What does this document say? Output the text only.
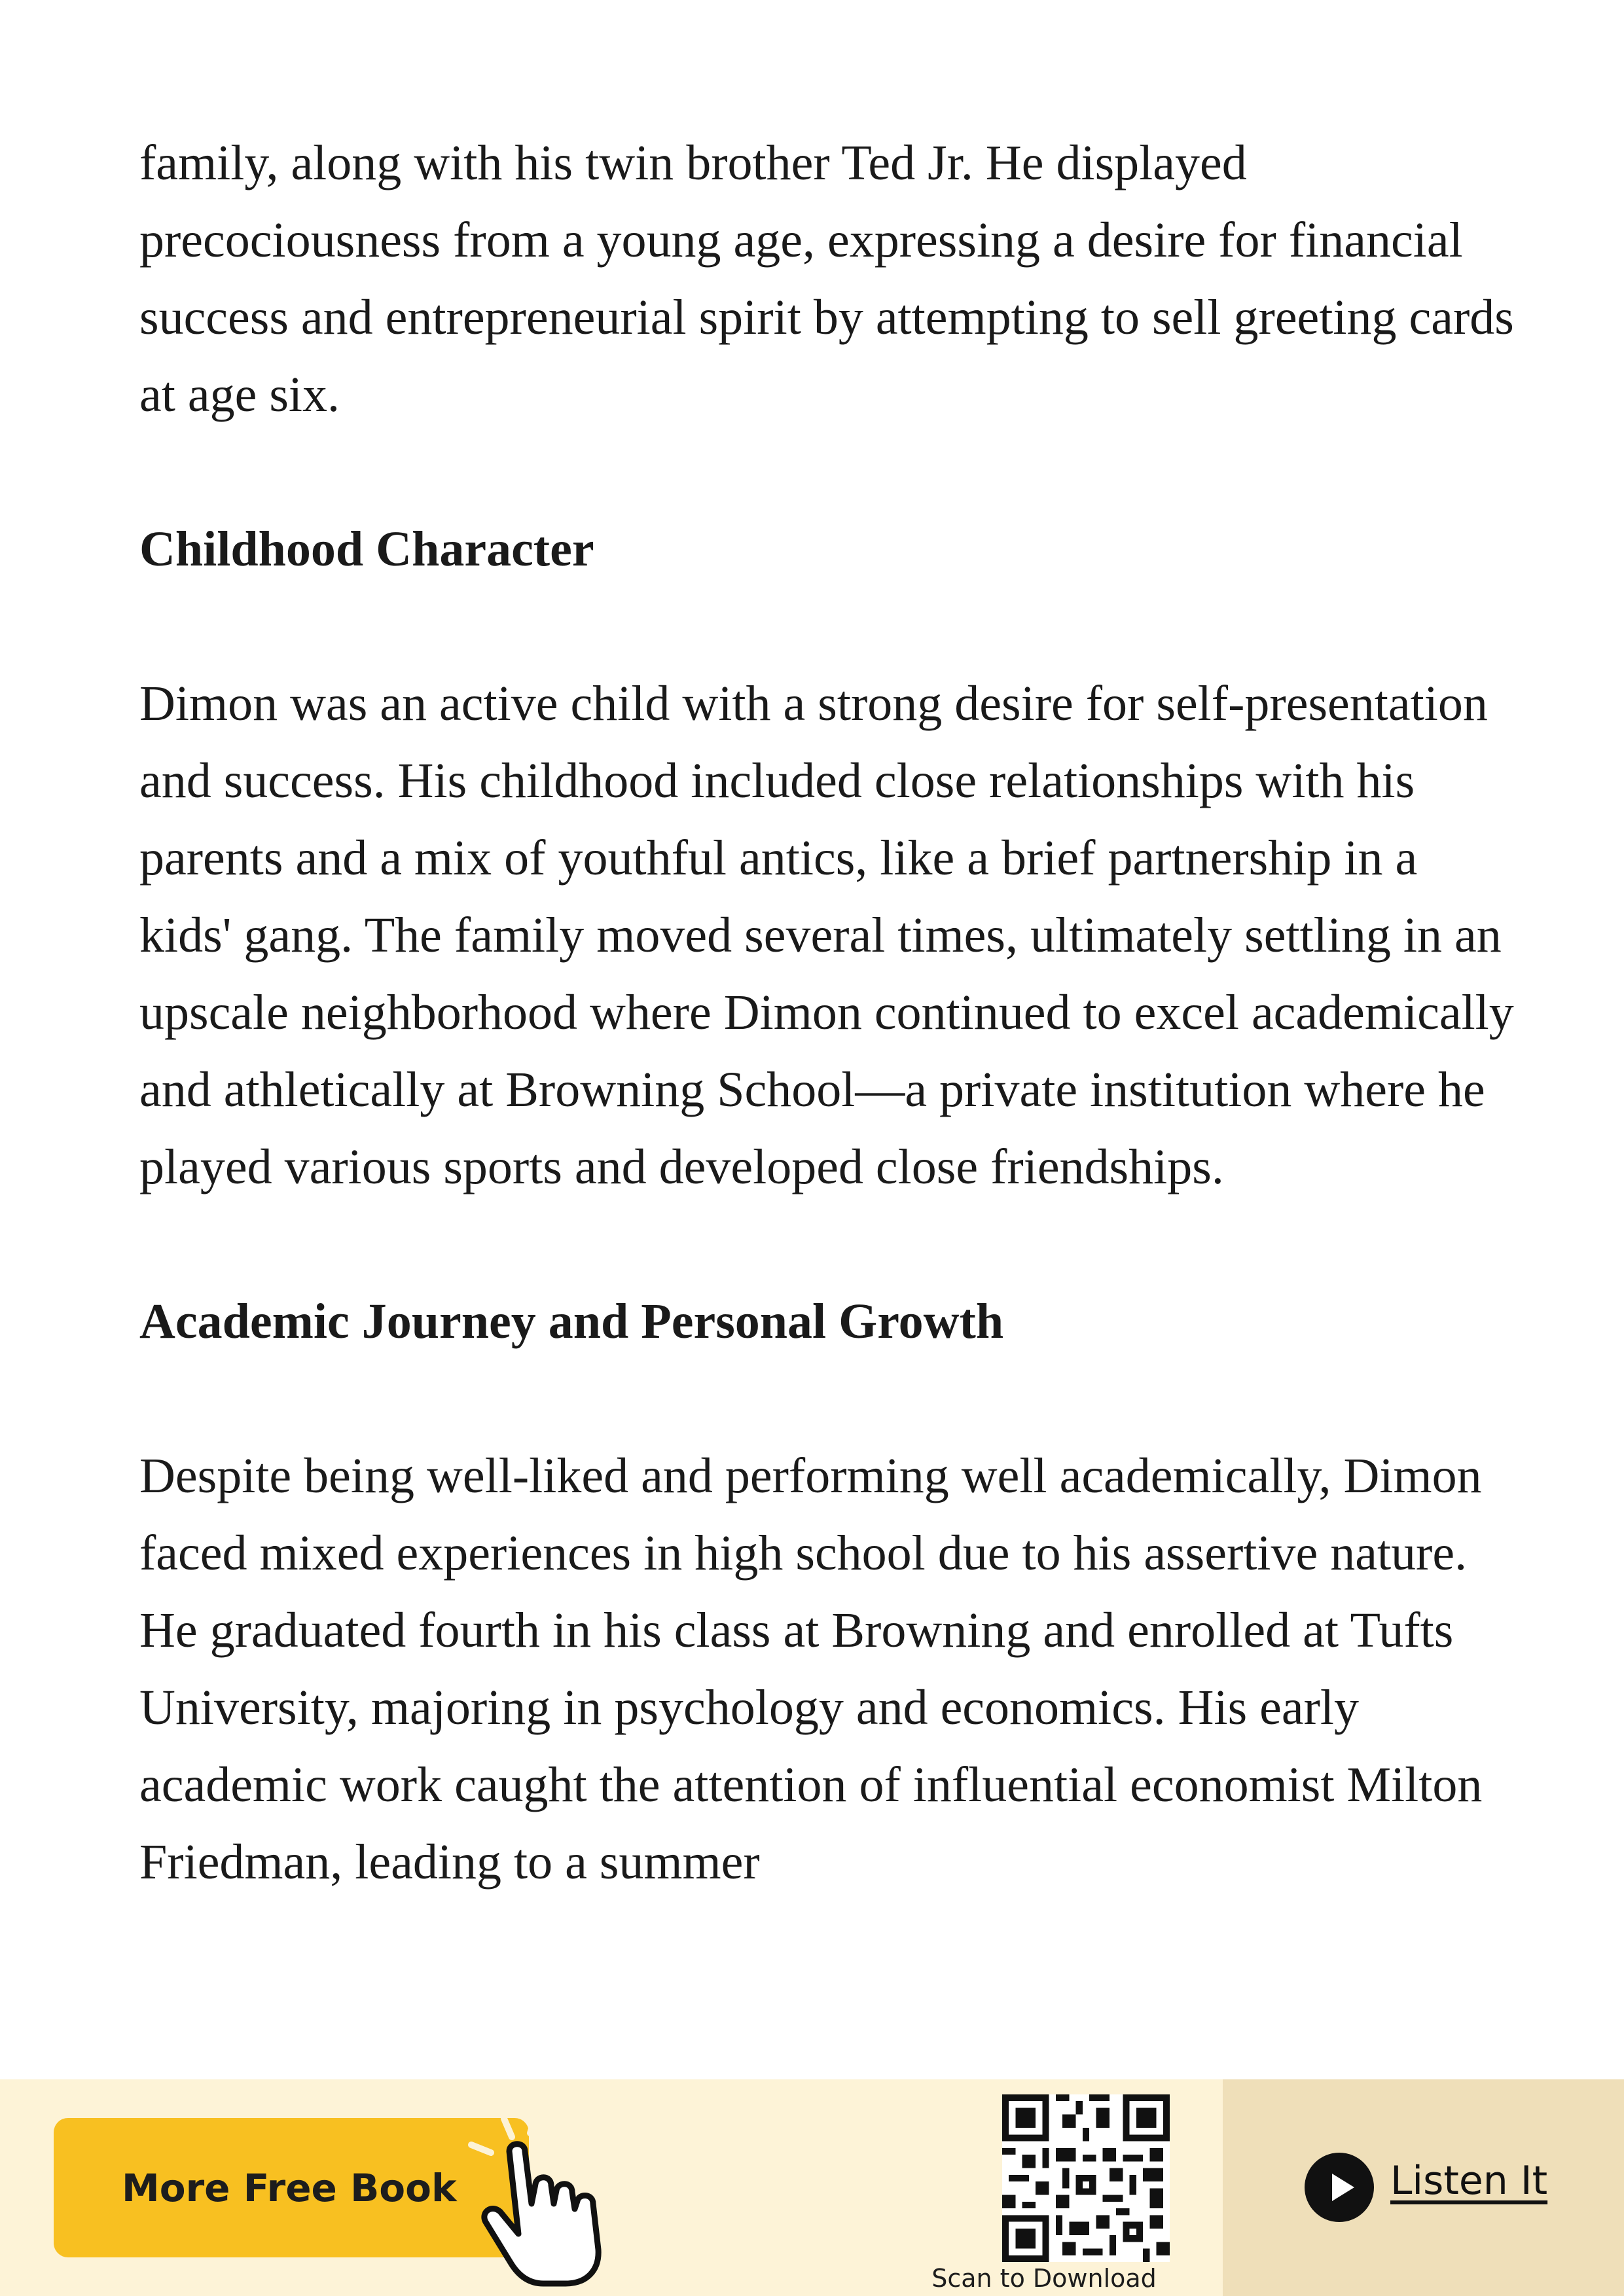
family, along with his twin brother Ted Jr. He displayed precociousness from a young age, expressing a desire for financial success and entrepreneurial spirit by attempting to sell greeting cards at age six.

Childhood Character

Dimon was an active child with a strong desire for self-presentation and success. His childhood included close relationships with his parents and a mix of youthful antics, like a brief partnership in a kids' gang. The family moved several times, ultimately settling in an upscale neighborhood where Dimon continued to excel academically and athletically at Browning School—a private institution where he played various sports and developed close friendships.

Academic Journey and Personal Growth

Despite being well-liked and performing well academically, Dimon faced mixed experiences in high school due to his assertive nature. He graduated fourth in his class at Browning and enrolled at Tufts University, majoring in psychology and economics. His early academic work caught the attention of influential economist Milton Friedman, leading to a summer

More Free Book
Scan to Download
Listen It
